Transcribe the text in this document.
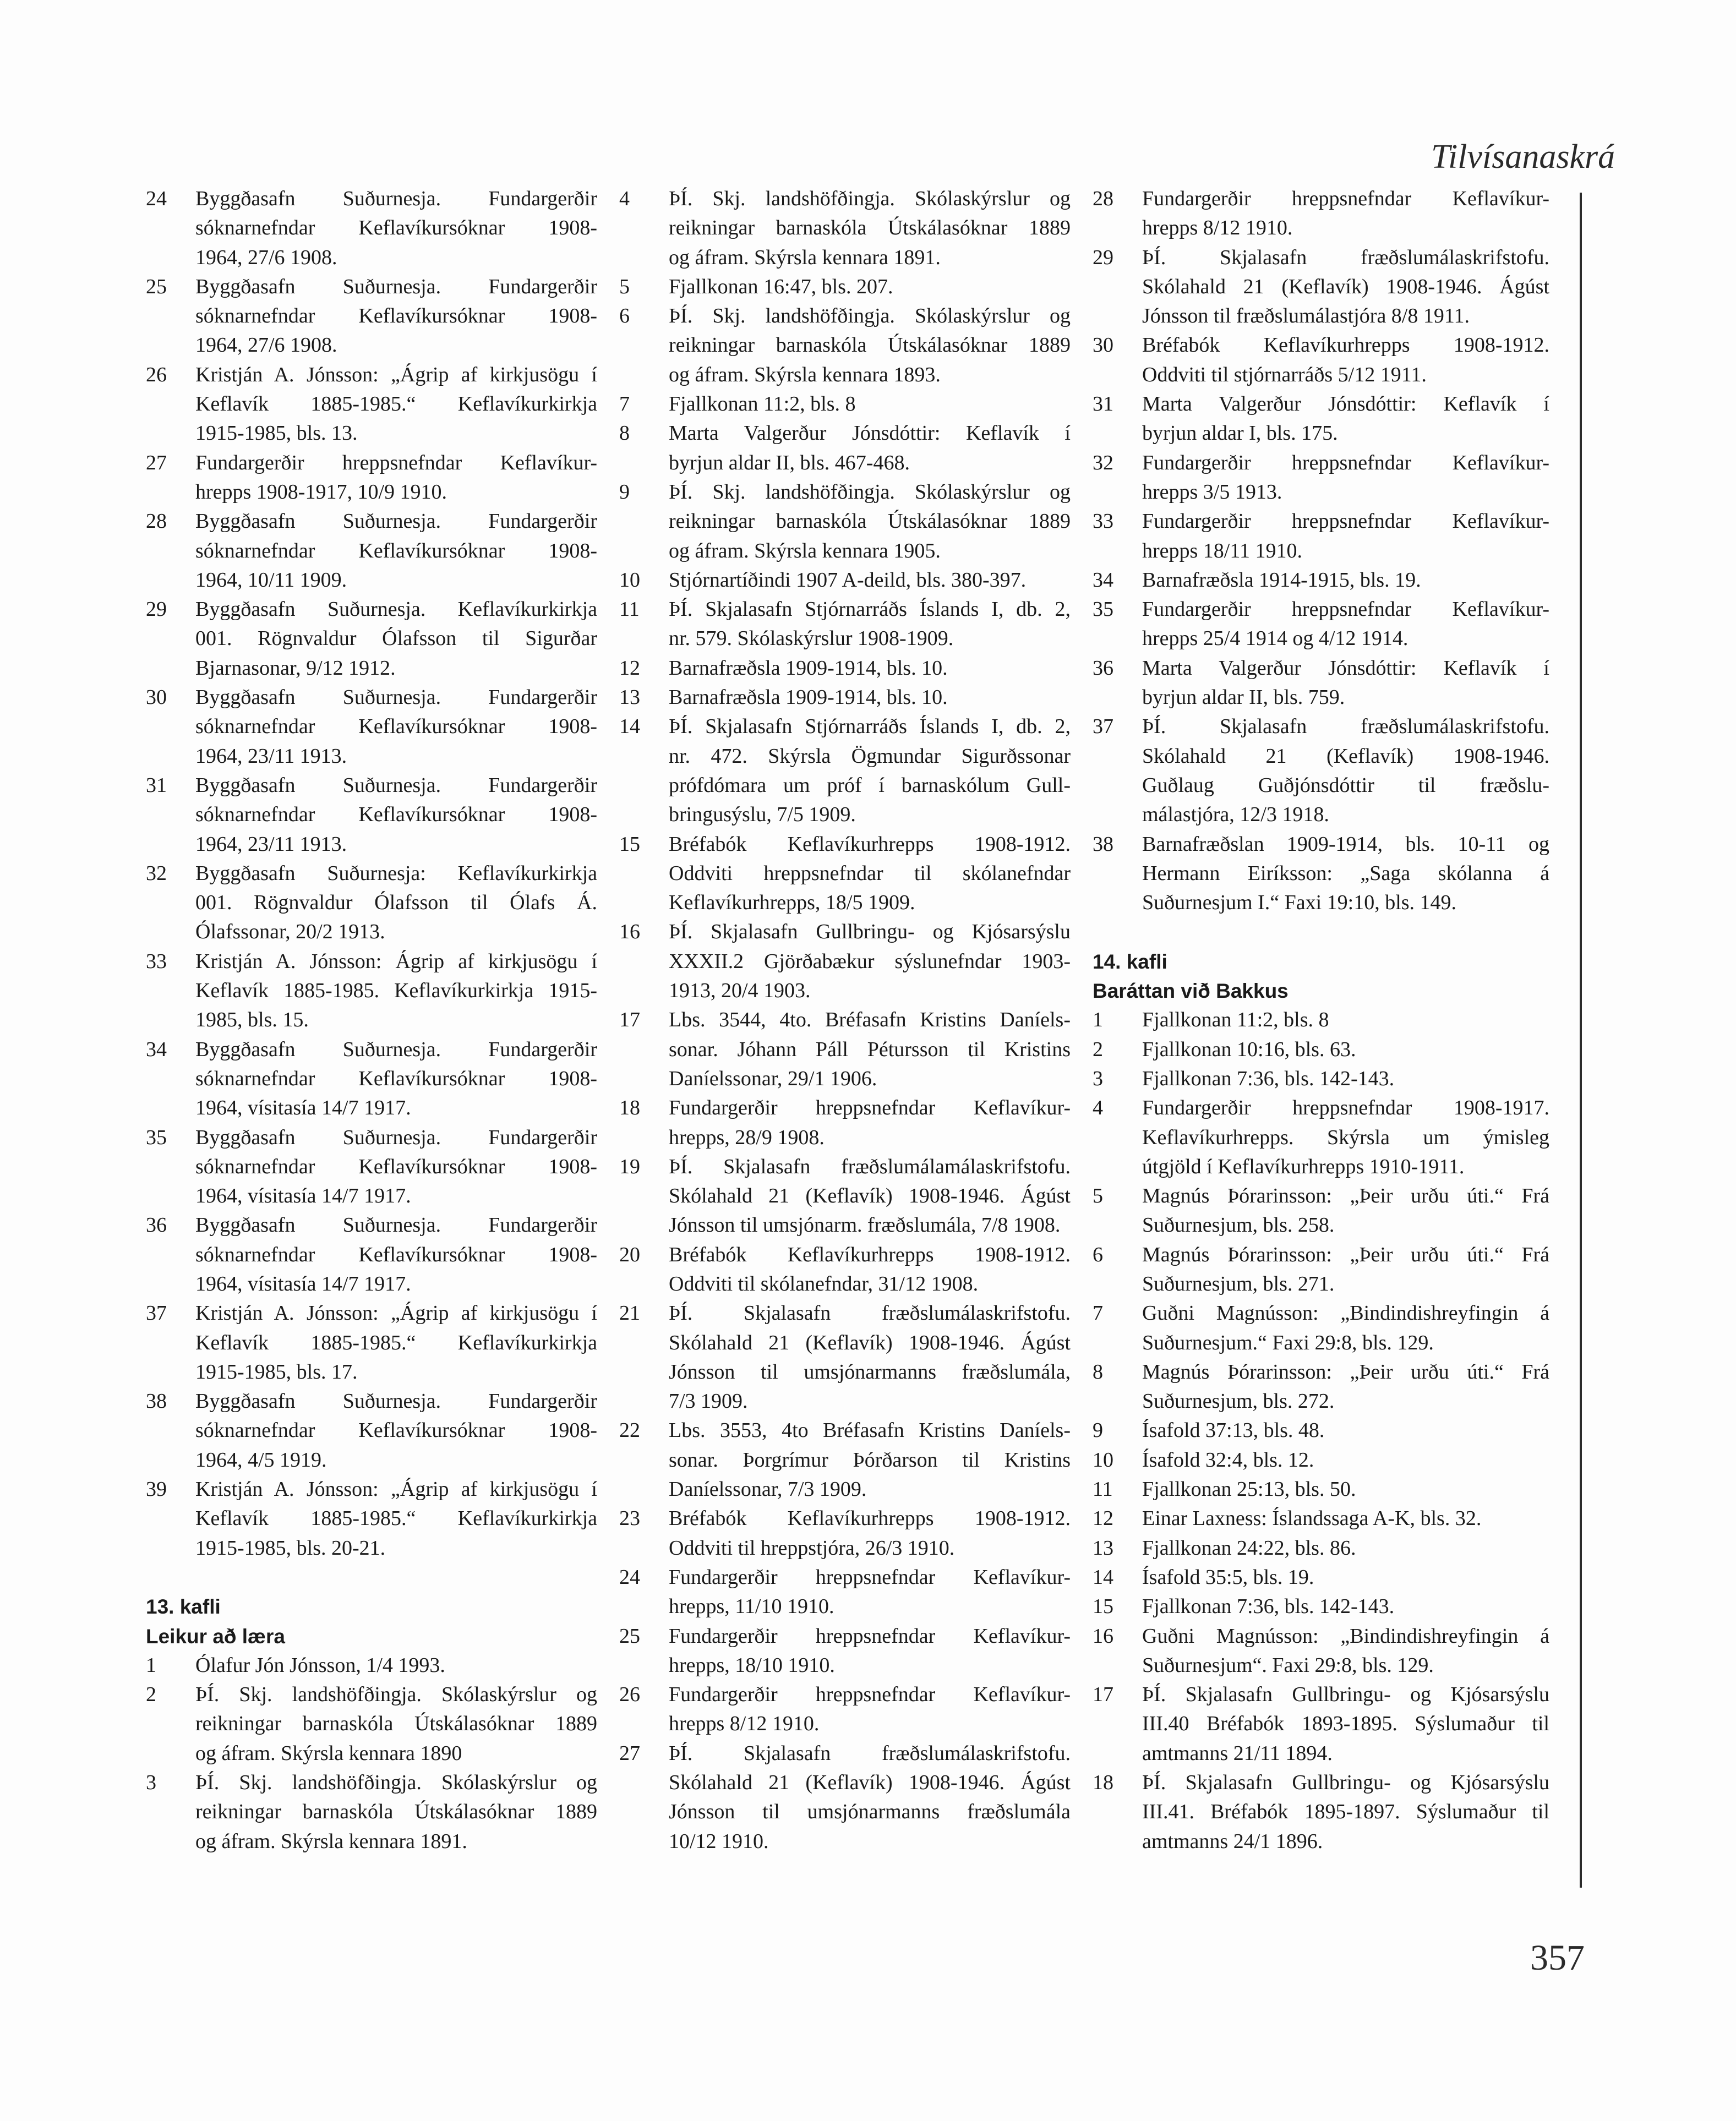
Tilvísanaskrá
24 Byggðasafn Suðurnesja. Fundargerðir
sóknarnefndar Keflavíkursóknar 1908-
1964, 27/6 1908.
25 Byggðasafn Suðurnesja. Fundargerðir
sóknarnefndar Keflavíkursóknar 1908-
1964, 27/6 1908.
26 Kristján A. Jónsson: „Ágrip af kirkjusögu í
Keflavík 1885-1985.“ Keflavíkurkirkja
1915-1985, bls. 13.
27 Fundargerðir hreppsnefndar Keflavíkur-
hrepps 1908-1917, 10/9 1910.
28 Byggðasafn Suðurnesja. Fundargerðir
sóknarnefndar Keflavíkursóknar 1908-
1964, 10/11 1909.
29 Byggðasafn Suðurnesja. Keflavíkurkirkja
001. Rögnvaldur Ólafsson til Sigurðar
Bjarnasonar, 9/12 1912.
30 Byggðasafn Suðurnesja. Fundargerðir
sóknarnefndar Keflavíkursóknar 1908-
1964, 23/11 1913.
31 Byggðasafn Suðurnesja. Fundargerðir
sóknarnefndar Keflavíkursóknar 1908-
1964, 23/11 1913.
32 Byggðasafn Suðurnesja: Keflavíkurkirkja
001. Rögnvaldur Ólafsson til Ólafs Á.
Ólafssonar, 20/2 1913.
33 Kristján A. Jónsson: Ágrip af kirkjusögu í
Keflavík 1885-1985. Keflavíkurkirkja 1915-
1985, bls. 15.
34 Byggðasafn Suðurnesja. Fundargerðir
sóknarnefndar Keflavíkursóknar 1908-
1964, vísitasía 14/7 1917.
35 Byggðasafn Suðurnesja. Fundargerðir
sóknarnefndar Keflavíkursóknar 1908-
1964, vísitasía 14/7 1917.
36 Byggðasafn Suðurnesja. Fundargerðir
sóknarnefndar Keflavíkursóknar 1908-
1964, vísitasía 14/7 1917.
37 Kristján A. Jónsson: „Ágrip af kirkjusögu í
Keflavík 1885-1985.“ Keflavíkurkirkja
1915-1985, bls. 17.
38 Byggðasafn Suðurnesja. Fundargerðir
sóknarnefndar Keflavíkursóknar 1908-
1964, 4/5 1919.
39 Kristján A. Jónsson: „Ágrip af kirkjusögu í
Keflavík 1885-1985.“ Keflavíkurkirkja
1915-1985, bls. 20-21.
13. kafli
Leikur að læra
1 Ólafur Jón Jónsson, 1/4 1993.
2 ÞÍ. Skj. landshöfðingja. Skólaskýrslur og
reikningar barnaskóla Útskálasóknar 1889
og áfram. Skýrsla kennara 1890
3 ÞÍ. Skj. landshöfðingja. Skólaskýrslur og
reikningar barnaskóla Útskálasóknar 1889
og áfram. Skýrsla kennara 1891.
4 ÞÍ. Skj. landshöfðingja. Skólaskýrslur og
reikningar barnaskóla Útskálasóknar 1889
og áfram. Skýrsla kennara 1891.
5 Fjallkonan 16:47, bls. 207.
6 ÞÍ. Skj. landshöfðingja. Skólaskýrslur og
reikningar barnaskóla Útskálasóknar 1889
og áfram. Skýrsla kennara 1893.
7 Fjallkonan 11:2, bls. 8
8 Marta Valgerður Jónsdóttir: Keflavík í
byrjun aldar II, bls. 467-468.
9 ÞÍ. Skj. landshöfðingja. Skólaskýrslur og
reikningar barnaskóla Útskálasóknar 1889
og áfram. Skýrsla kennara 1905.
10 Stjórnartíðindi 1907 A-deild, bls. 380-397.
11 ÞÍ. Skjalasafn Stjórnarráðs Íslands I, db. 2,
nr. 579. Skólaskýrslur 1908-1909.
12 Barnafræðsla 1909-1914, bls. 10.
13 Barnafræðsla 1909-1914, bls. 10.
14 ÞÍ. Skjalasafn Stjórnarráðs Íslands I, db. 2,
nr. 472. Skýrsla Ögmundar Sigurðssonar
prófdómara um próf í barnaskólum Gull-
bringusýslu, 7/5 1909.
15 Bréfabók Keflavíkurhrepps 1908-1912.
Oddviti hreppsnefndar til skólanefndar
Keflavíkurhrepps, 18/5 1909.
16 ÞÍ. Skjalasafn Gullbringu- og Kjósarsýslu
XXXII.2 Gjörðabækur sýslunefndar 1903-
1913, 20/4 1903.
17 Lbs. 3544, 4to. Bréfasafn Kristins Daníels-
sonar. Jóhann Páll Pétursson til Kristins
Daníelssonar, 29/1 1906.
18 Fundargerðir hreppsnefndar Keflavíkur-
hrepps, 28/9 1908.
19 ÞÍ. Skjalasafn fræðslumálamálaskrifstofu.
Skólahald 21 (Keflavík) 1908-1946. Ágúst
Jónsson til umsjónarm. fræðslumála, 7/8 1908.
20 Bréfabók Keflavíkurhrepps 1908-1912.
Oddviti til skólanefndar, 31/12 1908.
21 ÞÍ. Skjalasafn fræðslumálaskrifstofu.
Skólahald 21 (Keflavík) 1908-1946. Ágúst
Jónsson til umsjónarmanns fræðslumála,
7/3 1909.
22 Lbs. 3553, 4to Bréfasafn Kristins Daníels-
sonar. Þorgrímur Þórðarson til Kristins
Daníelssonar, 7/3 1909.
23 Bréfabók Keflavíkurhrepps 1908-1912.
Oddviti til hreppstjóra, 26/3 1910.
24 Fundargerðir hreppsnefndar Keflavíkur-
hrepps, 11/10 1910.
25 Fundargerðir hreppsnefndar Keflavíkur-
hrepps, 18/10 1910.
26 Fundargerðir hreppsnefndar Keflavíkur-
hrepps 8/12 1910.
27 ÞÍ. Skjalasafn fræðslumálaskrifstofu.
Skólahald 21 (Keflavík) 1908-1946. Ágúst
Jónsson til umsjónarmanns fræðslumála
10/12 1910.
28 Fundargerðir hreppsnefndar Keflavíkur-
hrepps 8/12 1910.
29 ÞÍ. Skjalasafn fræðslumálaskrifstofu.
Skólahald 21 (Keflavík) 1908-1946. Ágúst
Jónsson til fræðslumálastjóra 8/8 1911.
30 Bréfabók Keflavíkurhrepps 1908-1912.
Oddviti til stjórnarráðs 5/12 1911.
31 Marta Valgerður Jónsdóttir: Keflavík í
byrjun aldar I, bls. 175.
32 Fundargerðir hreppsnefndar Keflavíkur-
hrepps 3/5 1913.
33 Fundargerðir hreppsnefndar Keflavíkur-
hrepps 18/11 1910.
34 Barnafræðsla 1914-1915, bls. 19.
35 Fundargerðir hreppsnefndar Keflavíkur-
hrepps 25/4 1914 og 4/12 1914.
36 Marta Valgerður Jónsdóttir: Keflavík í
byrjun aldar II, bls. 759.
37 ÞÍ. Skjalasafn fræðslumálaskrifstofu.
Skólahald 21 (Keflavík) 1908-1946.
Guðlaug Guðjónsdóttir til fræðslu-
málastjóra, 12/3 1918.
38 Barnafræðslan 1909-1914, bls. 10-11 og
Hermann Eiríksson: „Saga skólanna á
Suðurnesjum I.“ Faxi 19:10, bls. 149.
14. kafli
Baráttan við Bakkus
1 Fjallkonan 11:2, bls. 8
2 Fjallkonan 10:16, bls. 63.
3 Fjallkonan 7:36, bls. 142-143.
4 Fundargerðir hreppsnefndar 1908-1917.
Keflavíkurhrepps. Skýrsla um ýmisleg
útgjöld í Keflavíkurhrepps 1910-1911.
5 Magnús Þórarinsson: „Þeir urðu úti.“ Frá
Suðurnesjum, bls. 258.
6 Magnús Þórarinsson: „Þeir urðu úti.“ Frá
Suðurnesjum, bls. 271.
7 Guðni Magnússon: „Bindindishreyfingin á
Suðurnesjum.“ Faxi 29:8, bls. 129.
8 Magnús Þórarinsson: „Þeir urðu úti.“ Frá
Suðurnesjum, bls. 272.
9 Ísafold 37:13, bls. 48.
10 Ísafold 32:4, bls. 12.
11 Fjallkonan 25:13, bls. 50.
12 Einar Laxness: Íslandssaga A-K, bls. 32.
13 Fjallkonan 24:22, bls. 86.
14 Ísafold 35:5, bls. 19.
15 Fjallkonan 7:36, bls. 142-143.
16 Guðni Magnússon: „Bindindishreyfingin á
Suðurnesjum“. Faxi 29:8, bls. 129.
17 ÞÍ. Skjalasafn Gullbringu- og Kjósarsýslu
III.40 Bréfabók 1893-1895. Sýslumaður til
amtmanns 21/11 1894.
18 ÞÍ. Skjalasafn Gullbringu- og Kjósarsýslu
III.41. Bréfabók 1895-1897. Sýslumaður til
amtmanns 24/1 1896.
357
